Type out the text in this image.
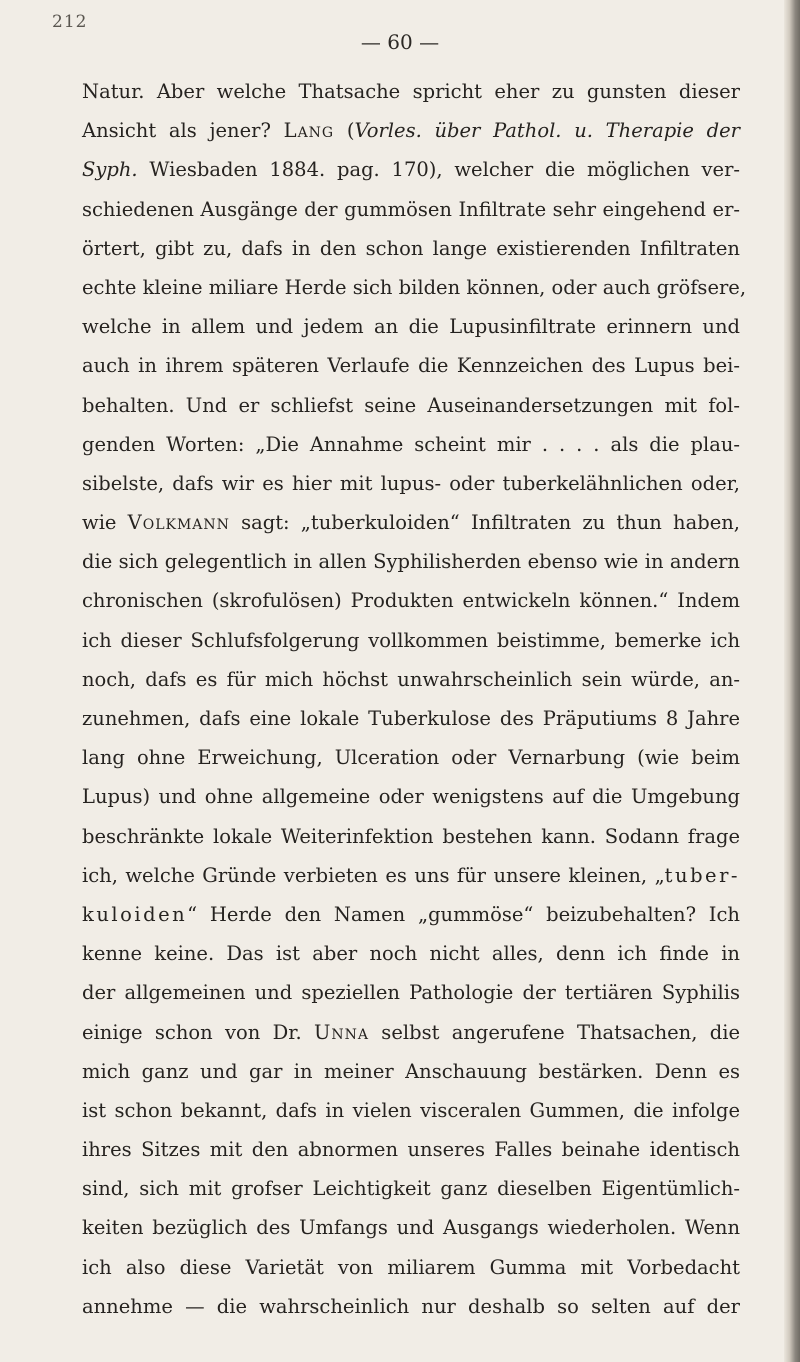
212
— 60 —
Natur. Aber welche Thatsache spricht eher zu gunsten dieser
Ansicht als jener? Lang (Vorles. über Pathol. u. Therapie der
Syph. Wiesbaden 1884. pag. 170), welcher die möglichen ver-
schiedenen Ausgänge der gummösen Infiltrate sehr eingehend er-
örtert, gibt zu, dafs in den schon lange existierenden Infiltraten
echte kleine miliare Herde sich bilden können, oder auch gröfsere,
welche in allem und jedem an die Lupusinfiltrate erinnern und
auch in ihrem späteren Verlaufe die Kennzeichen des Lupus bei-
behalten. Und er schliefst seine Auseinandersetzungen mit fol-
genden Worten: „Die Annahme scheint mir . . . . als die plau-
sibelste, dafs wir es hier mit lupus- oder tuberkelähnlichen oder,
wie Volkmann sagt: „tuberkuloiden“ Infiltraten zu thun haben,
die sich gelegentlich in allen Syphilisherden ebenso wie in andern
chronischen (skrofulösen) Produkten entwickeln können.“ Indem
ich dieser Schlufsfolgerung vollkommen beistimme, bemerke ich
noch, dafs es für mich höchst unwahrscheinlich sein würde, an-
zunehmen, dafs eine lokale Tuberkulose des Präputiums 8 Jahre
lang ohne Erweichung, Ulceration oder Vernarbung (wie beim
Lupus) und ohne allgemeine oder wenigstens auf die Umgebung
beschränkte lokale Weiterinfektion bestehen kann. Sodann frage
ich, welche Gründe verbieten es uns für unsere kleinen, „tuber-
kuloiden“ Herde den Namen „gummöse“ beizubehalten? Ich
kenne keine. Das ist aber noch nicht alles, denn ich finde in
der allgemeinen und speziellen Pathologie der tertiären Syphilis
einige schon von Dr. Unna selbst angerufene Thatsachen, die
mich ganz und gar in meiner Anschauung bestärken. Denn es
ist schon bekannt, dafs in vielen visceralen Gummen, die infolge
ihres Sitzes mit den abnormen unseres Falles beinahe identisch
sind, sich mit grofser Leichtigkeit ganz dieselben Eigentümlich-
keiten bezüglich des Umfangs und Ausgangs wiederholen. Wenn
ich also diese Varietät von miliarem Gumma mit Vorbedacht
annehme — die wahrscheinlich nur deshalb so selten auf der
